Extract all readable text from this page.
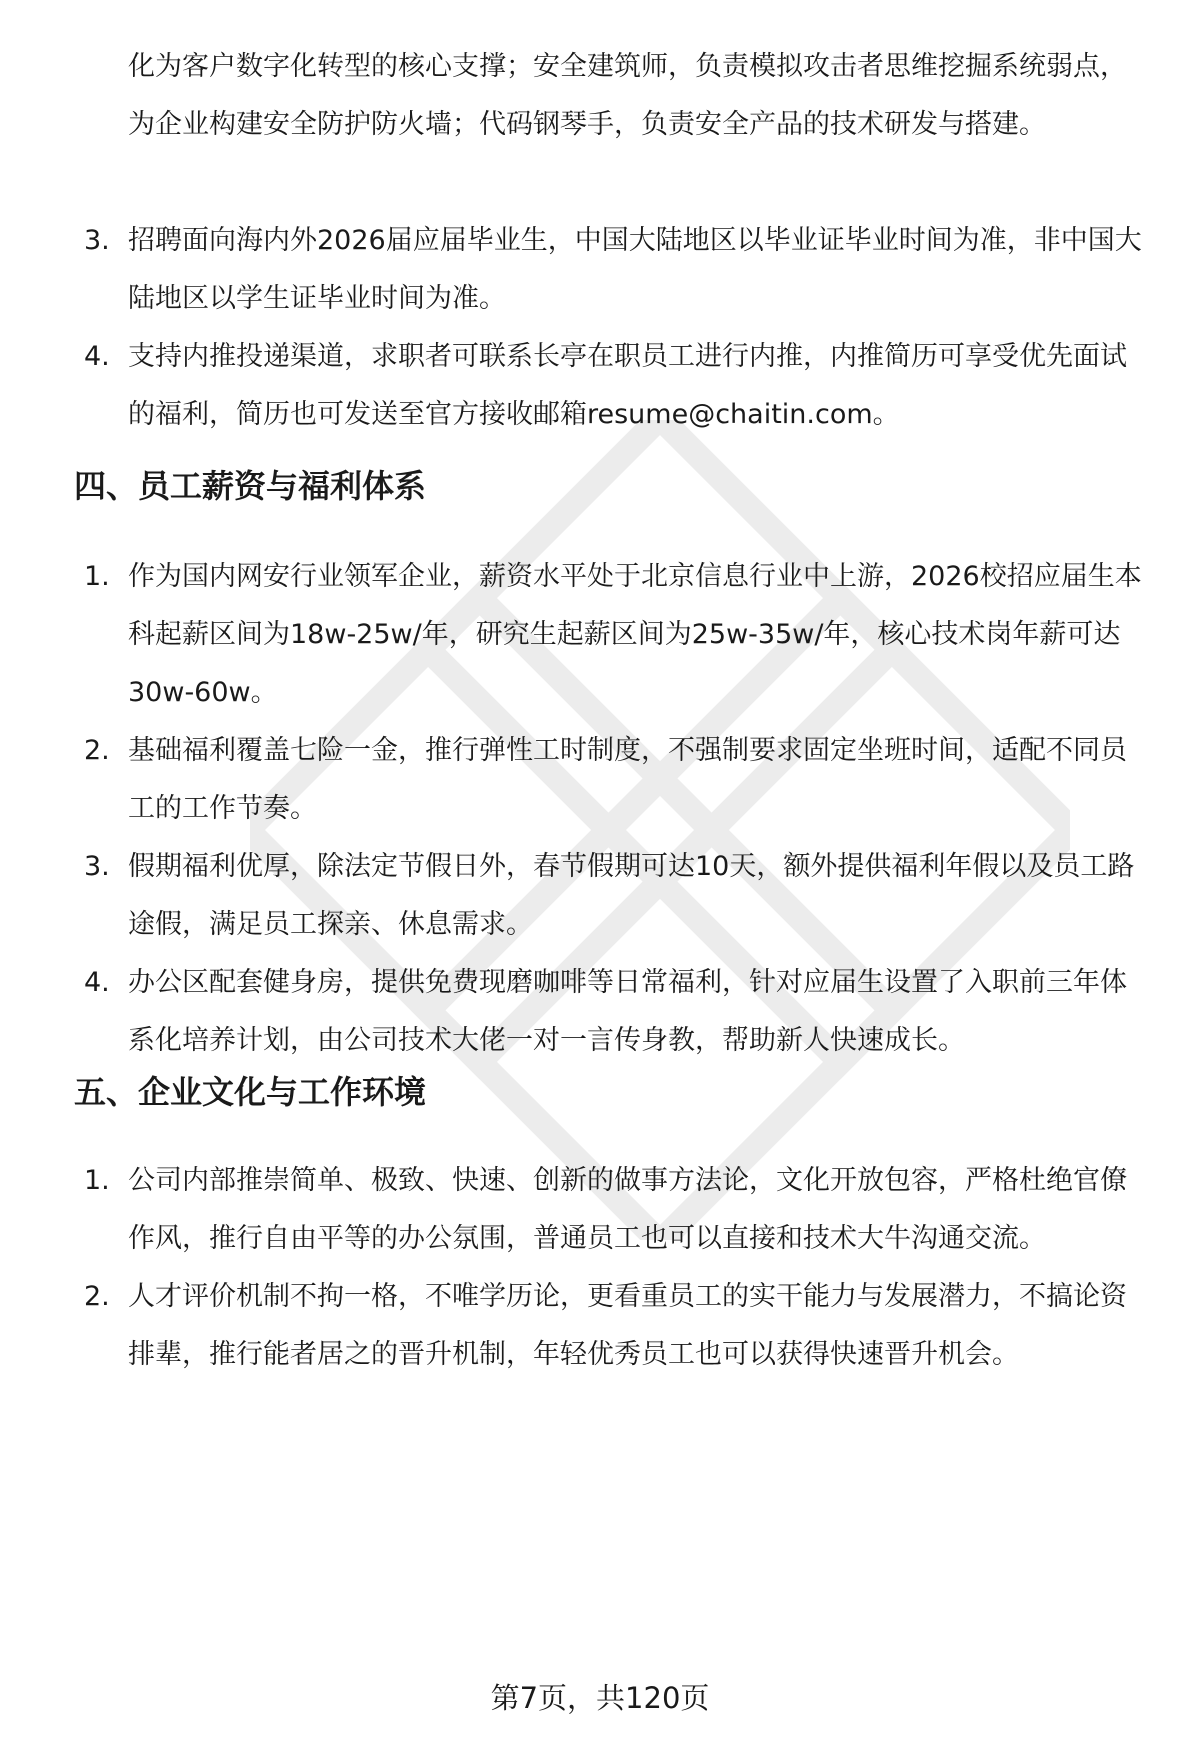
化为客户数字化转型的核心支撑；安全建筑师，负责模拟攻击者思维挖掘系统弱点，为企业构建安全防护防火墙；代码钢琴手，负责安全产品的技术研发与搭建。
3. 招聘面向海内外2026届应届毕业生，中国大陆地区以毕业证毕业时间为准，非中国大陆地区以学生证毕业时间为准。
4. 支持内推投递渠道，求职者可联系长亭在职员工进行内推，内推简历可享受优先面试的福利，简历也可发送至官方接收邮箱resume@chaitin.com。
四、员工薪资与福利体系
1. 作为国内网安行业领军企业，薪资水平处于北京信息行业中上游，2026校招应届生本科起薪区间为18w-25w/年，研究生起薪区间为25w-35w/年，核心技术岗年薪可达30w-60w。
2. 基础福利覆盖七险一金，推行弹性工时制度，不强制要求固定坐班时间，适配不同员工的工作节奏。
3. 假期福利优厚，除法定节假日外，春节假期可达10天，额外提供福利年假以及员工路途假，满足员工探亲、休息需求。
4. 办公区配套健身房，提供免费现磨咖啡等日常福利，针对应届生设置了入职前三年体系化培养计划，由公司技术大佬一对一言传身教，帮助新人快速成长。
五、企业文化与工作环境
1. 公司内部推崇简单、极致、快速、创新的做事方法论，文化开放包容，严格杜绝官僚作风，推行自由平等的办公氛围，普通员工也可以直接和技术大牛沟通交流。
2. 人才评价机制不拘一格，不唯学历论，更看重员工的实干能力与发展潜力，不搞论资排辈，推行能者居之的晋升机制，年轻优秀员工也可以获得快速晋升机会。
第7页，共120页
